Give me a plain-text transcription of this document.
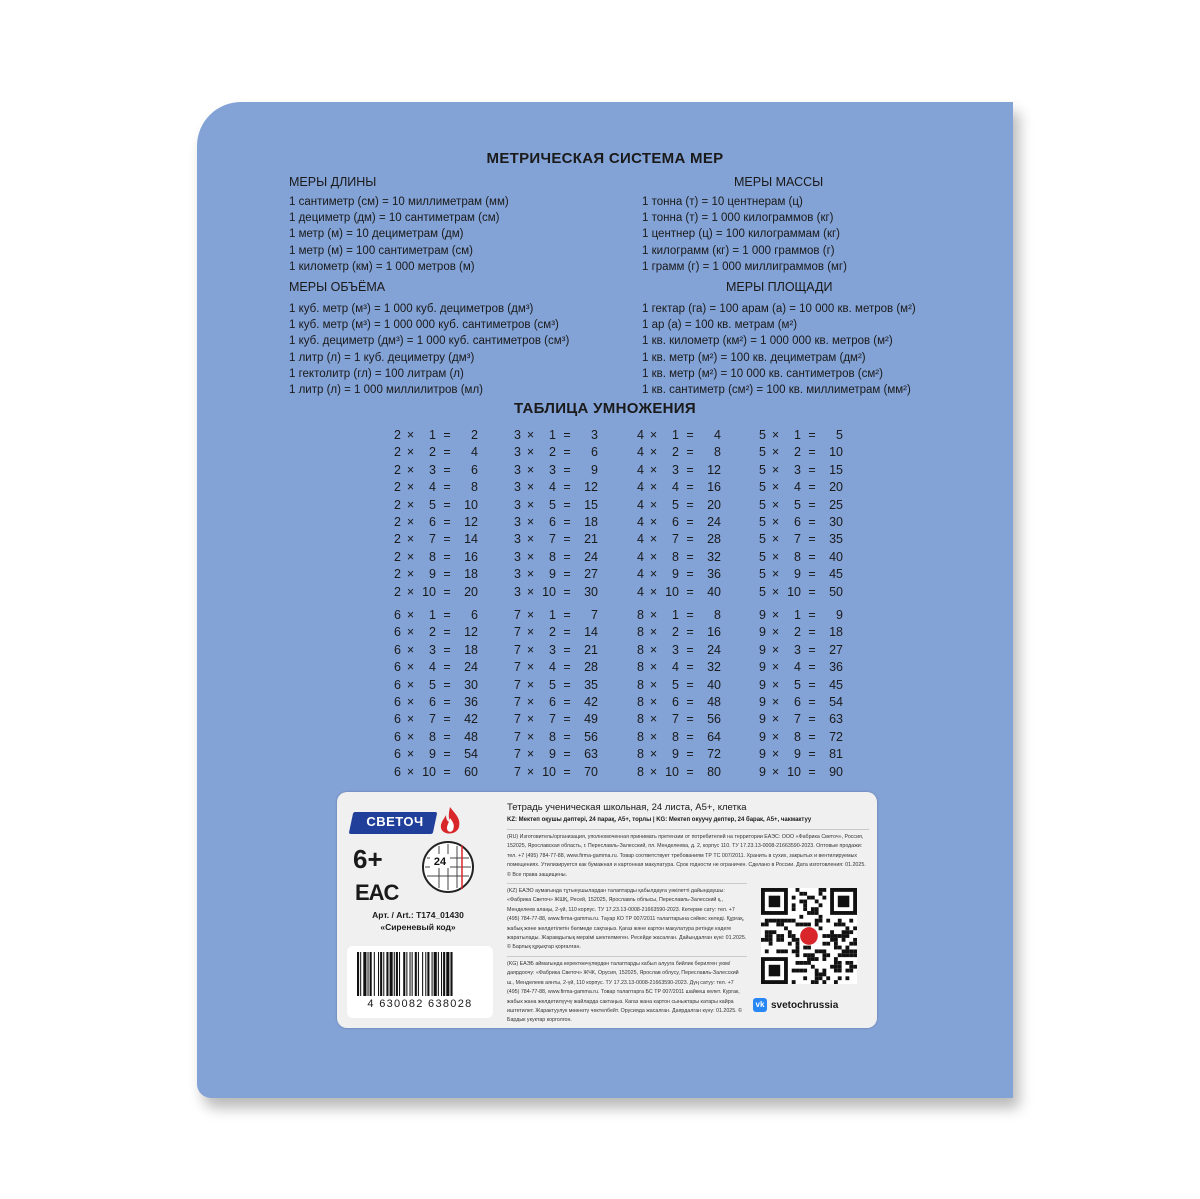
МЕТРИЧЕСКАЯ СИСТЕМА МЕР
МЕРЫ ДЛИНЫ
1 сантиметр (см) = 10 миллиметрам (мм)
1 дециметр (дм) = 10 сантиметрам (см)
1 метр (м) = 10 дециметрам (дм)
1 метр (м) = 100 сантиметрам (см)
1 километр (км) = 1 000 метров (м)
МЕРЫ МАССЫ
1 тонна (т) = 10 центнерам (ц)
1 тонна (т) = 1 000 килограммов (кг)
1 центнер (ц) = 100 килограммам (кг)
1 килограмм (кг) = 1 000 граммов (г)
1 грамм (г) = 1 000 миллиграммов (мг)
МЕРЫ ОБЪЁМА
1 куб. метр (м³) = 1 000 куб. дециметров (дм³)
1 куб. метр (м³) = 1 000 000 куб. сантиметров (см³)
1 куб. дециметр (дм³) = 1 000 куб. сантиметров (см³)
1 литр (л) = 1 куб. дециметру (дм³)
1 гектолитр (гл) = 100 литрам (л)
1 литр (л) = 1 000 миллилитров (мл)
МЕРЫ ПЛОЩАДИ
1 гектар (га) = 100 арам (а) = 10 000 кв. метров (м²)
1 ар (а) = 100 кв. метрам (м²)
1 кв. километр (км²) = 1 000 000 кв. метров (м²)
1 кв. метр (м²) = 100 кв. дециметрам (дм²)
1 кв. метр (м²) = 10 000 кв. сантиметров (см²)
1 кв. сантиметр (см²) = 100 кв. миллиметрам (мм²)
ТАБЛИЦА УМНОЖЕНИЯ
2 ×	1 =	2
2 ×	2 =	4
2 ×	3 =	6
2 ×	4 =	8
2 ×	5 =	10
2 ×	6 =	12
2 ×	7 =	14
2 ×	8 =	16
2 ×	9 =	18
2 × 10 =	20
3 ×	1 =	3
3 ×	2 =	6
3 ×	3 =	9
3 ×	4 =	12
3 ×	5 =	15
3 ×	6 =	18
3 ×	7 =	21
3 ×	8 =	24
3 ×	9 =	27
3 × 10 =	30
4 ×	1 =	4
4 ×	2 =	8
4 ×	3 =	12
4 ×	4 =	16
4 ×	5 =	20
4 ×	6 =	24
4 ×	7 =	28
4 ×	8 =	32
4 ×	9 =	36
4 × 10 =	40
5 ×	1 =	5
5 ×	2 =	10
5 ×	3 =	15
5 ×	4 =	20
5 ×	5 =	25
5 ×	6 =	30
5 ×	7 =	35
5 ×	8 =	40
5 ×	9 =	45
5 × 10 =	50
6 ×	1 =	6
6 ×	2 =	12
6 ×	3 =	18
6 ×	4 =	24
6 ×	5 =	30
6 ×	6 =	36
6 ×	7 =	42
6 ×	8 =	48
6 ×	9 =	54
6 × 10 =	60
7 ×	1 =	7
7 ×	2 =	14
7 ×	3 =	21
7 ×	4 =	28
7 ×	5 =	35
7 ×	6 =	42
7 ×	7 =	49
7 ×	8 =	56
7 ×	9 =	63
7 × 10 =	70
8 ×	1 =	8
8 ×	2 =	16
8 ×	3 =	24
8 ×	4 =	32
8 ×	5 =	40
8 ×	6 =	48
8 ×	7 =	56
8 ×	8 =	64
8 ×	9 =	72
8 × 10 =	80
9 ×	1 =	9
9 ×	2 =	18
9 ×	3 =	27
9 ×	4 =	36
9 ×	5 =	45
9 ×	6 =	54
9 ×	7 =	63
9 ×	8 =	72
9 ×	9 =	81
9 × 10 =	90
СВЕТОЧ
6+
EAC
24
Арт. / Art.: Т174_01430
«Сиреневый код»
4 630082 638028
Тетрадь ученическая школьная, 24 листа, А5+, клетка
KZ: Мектеп оқушы дәптері, 24 парақ, А5+, торлы | KG: Мектеп окуучу дептер, 24 барак, А5+, чакмактуу
(RU) Изготовитель/организация, уполномоченная принимать претензии от потребителей на территории ЕАЭС: ООО «Фабрика Светоч», Россия, 152025, Ярославская область, г. Переславль-Залесский, пл. Менделеева, д. 2, корпус 110. ТУ 17.23.13-0008-21663590-2023. Оптовые продажи: тел. +7 (495) 784-77-88, www.firma-gamma.ru. Товар соответствует требованиям ТР ТС 007/2011. Хранить в сухих, закрытых и вентилируемых помещениях. Утилизируется как бумажная и картонная макулатура. Срок годности не ограничен. Сделано в России. Дата изготовления: 01.2025. © Все права защищены.
(KZ) ЕАЭО аумағында тұтынушылардан талаптарды қабылдауға уәкілетті дайындаушы: «Фабрика Светоч» ЖШҚ, Ресей, 152025, Ярославль облысы, Переславль-Залесский қ., Менделеев алаңы, 2-үй, 110 корпус. ТУ 17.23.13-0008-21663590-2023. Көтерме сату: тел. +7 (495) 784-77-88, www.firma-gamma.ru. Тауар КО ТР 007/2011 талаптарына сәйкес келеді. Құрғақ, жабық және желдетілетін бөлмеде сақтаңыз. Қағаз және картон макулатура ретінде кәдеге жаратылады. Жарамдылық мерзімі шектелмеген. Ресейде жасалған. Дайындалған күні: 01.2025. © Барлық құқықтар қорғалған.
(KG) ЕАЭБ аймагында керектөөчүлөрдөн талаптарды кабыл алууга бийлик берилген уюм/даярдоочу: «Фабрика Светоч» ЖЧК, Орусия, 152025, Ярослав облусу, Переславль-Залесский ш., Менделеев аянты, 2-үй, 110 корпус. ТУ 17.23.13-0008-21663590-2023. Дүң сатуу: тел. +7 (495) 784-77-88, www.firma-gamma.ru. Товар талаптарга БС ТР 007/2011 шайкеш келет. Кургак, жабык жана желдетилүүчү жайларда сактаңыз. Кагаз жана картон сыныктары катары кайра иштетилет. Жарактуулук мөөнөтү чектелбейт. Орусияда жасалган. Даярдалган күнү: 01.2025. © Бардык укуктар корголгон.
vk svetochrussia
